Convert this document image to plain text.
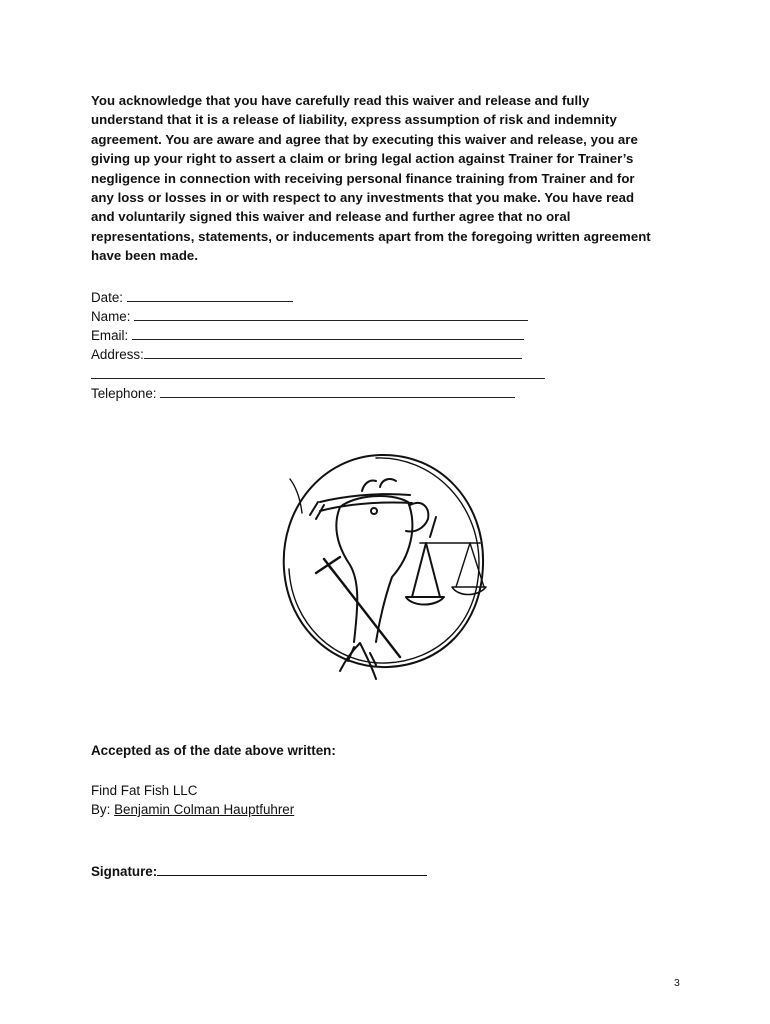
You acknowledge that you have carefully read this waiver and release and fully
understand that it is a release of liability, express assumption of risk and indemnity
agreement. You are aware and agree that by executing this waiver and release, you are
giving up your right to assert a claim or bring legal action against Trainer for Trainer’s
negligence in connection with receiving personal finance training from Trainer and for
any loss or losses in or with respect to any investments that you make. You have read
and voluntarily signed this waiver and release and further agree that no oral
representations, statements, or inducements apart from the foregoing written agreement
have been made.
Date:
Name:
Email:
Address:
Telephone:
Accepted as of the date above written:
Find Fat Fish LLC
By: Benjamin Colman Hauptfuhrer
Signature:
3
